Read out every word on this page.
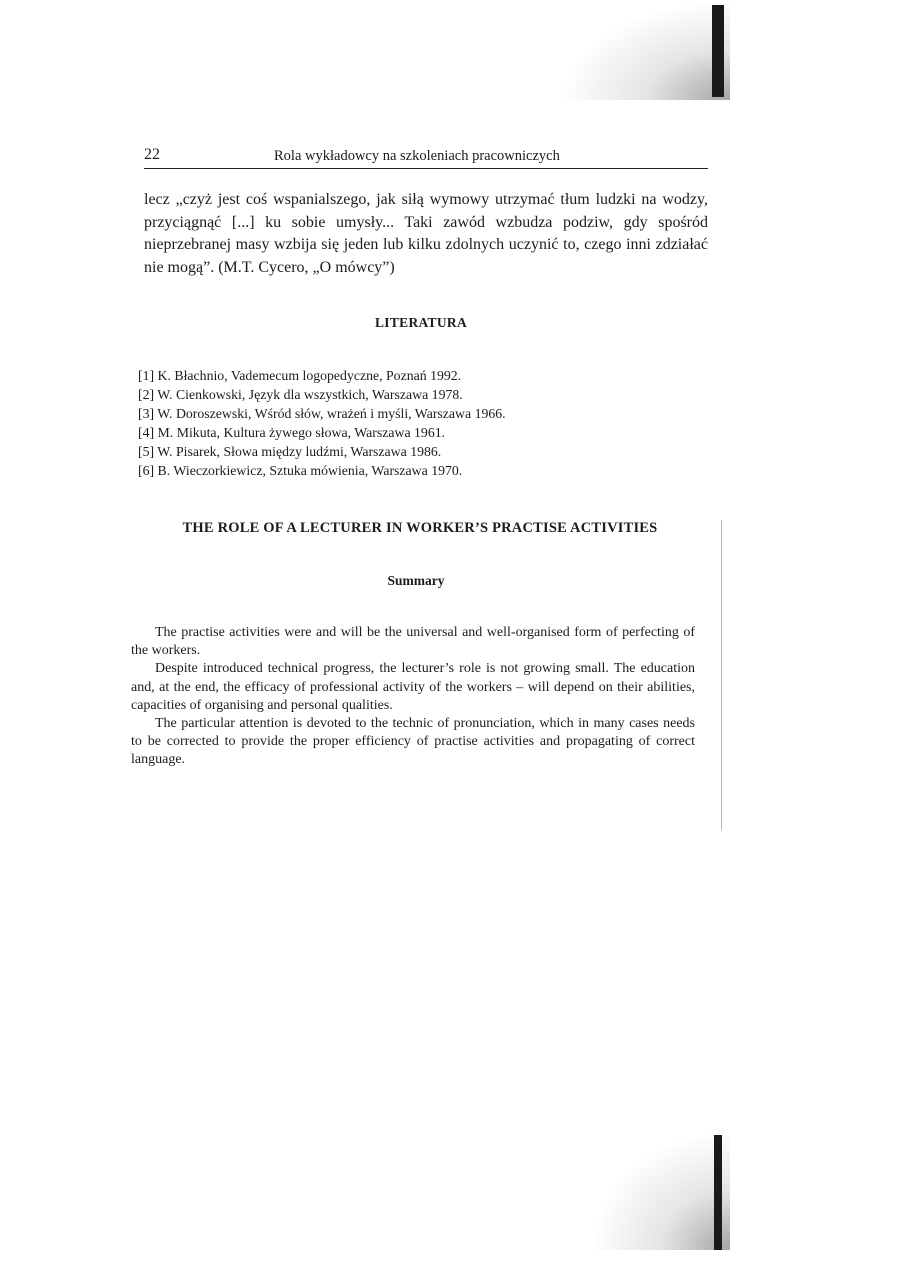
22	Rola wykładowcy na szkoleniach pracowniczych
lecz „czyż jest coś wspanialszego, jak siłą wymowy utrzymać tłum ludzki na wodzy, przyciągnąć [...] ku sobie umysły... Taki zawód wzbudza podziw, gdy spośród nieprzebranej masy wzbija się jeden lub kilku zdolnych uczynić to, czego inni zdziałać nie mogą”. (M.T. Cycero, „O mówcy”)
LITERATURA
[1] K. Błachnio, Vademecum logopedyczne, Poznań 1992.
[2] W. Cienkowski, Język dla wszystkich, Warszawa 1978.
[3] W. Doroszewski, Wśród słów, wrażeń i myśli, Warszawa 1966.
[4] M. Mikuta, Kultura żywego słowa, Warszawa 1961.
[5] W. Pisarek, Słowa między ludźmi, Warszawa 1986.
[6] B. Wieczorkiewicz, Sztuka mówienia, Warszawa 1970.
THE ROLE OF A LECTURER IN WORKER’S PRACTISE ACTIVITIES
Summary

The practise activities were and will be the universal and well-organised form of perfecting of the workers.

Despite introduced technical progress, the lecturer’s role is not growing small. The education and, at the end, the efficacy of professional activity of the workers – will depend on their abilities, capacities of organising and personal qualities.

The particular attention is devoted to the technic of pronunciation, which in many cases needs to be corrected to provide the proper efficiency of practise activities and propagating of correct language.
